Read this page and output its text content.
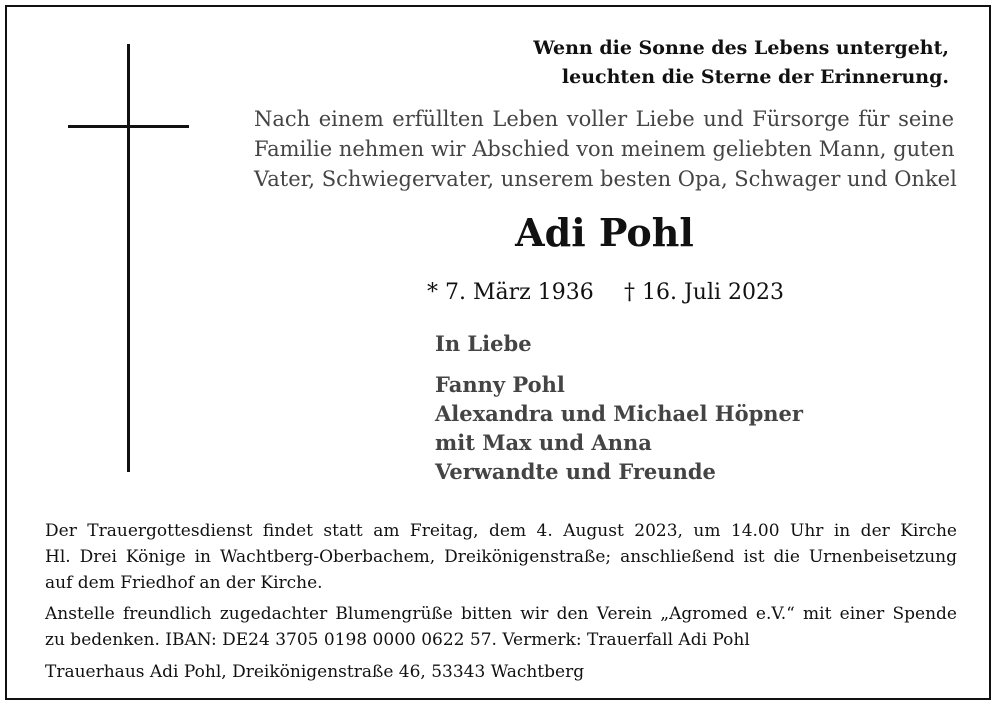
Wenn die Sonne des Lebens untergeht,
leuchten die Sterne der Erinnerung.
Nach einem erfüllten Leben voller Liebe und Fürsorge für seine
Familie nehmen wir Abschied von meinem geliebten Mann, guten
Vater, Schwiegervater, unserem besten Opa, Schwager und Onkel
Adi Pohl
* 7. März 1936 † 16. Juli 2023
In Liebe
Fanny Pohl
Alexandra und Michael Höpner
mit Max und Anna
Verwandte und Freunde
Der Trauergottesdienst findet statt am Freitag, dem 4. August 2023, um 14.00 Uhr in der Kirche
Hl. Drei Könige in Wachtberg-Oberbachem, Dreikönigenstraße; anschließend ist die Urnenbeisetzung
auf dem Friedhof an der Kirche.
Anstelle freundlich zugedachter Blumengrüße bitten wir den Verein „Agromed e.V.“ mit einer Spende
zu bedenken. IBAN: DE24 3705 0198 0000 0622 57. Vermerk: Trauerfall Adi Pohl
Trauerhaus Adi Pohl, Dreikönigenstraße 46, 53343 Wachtberg
